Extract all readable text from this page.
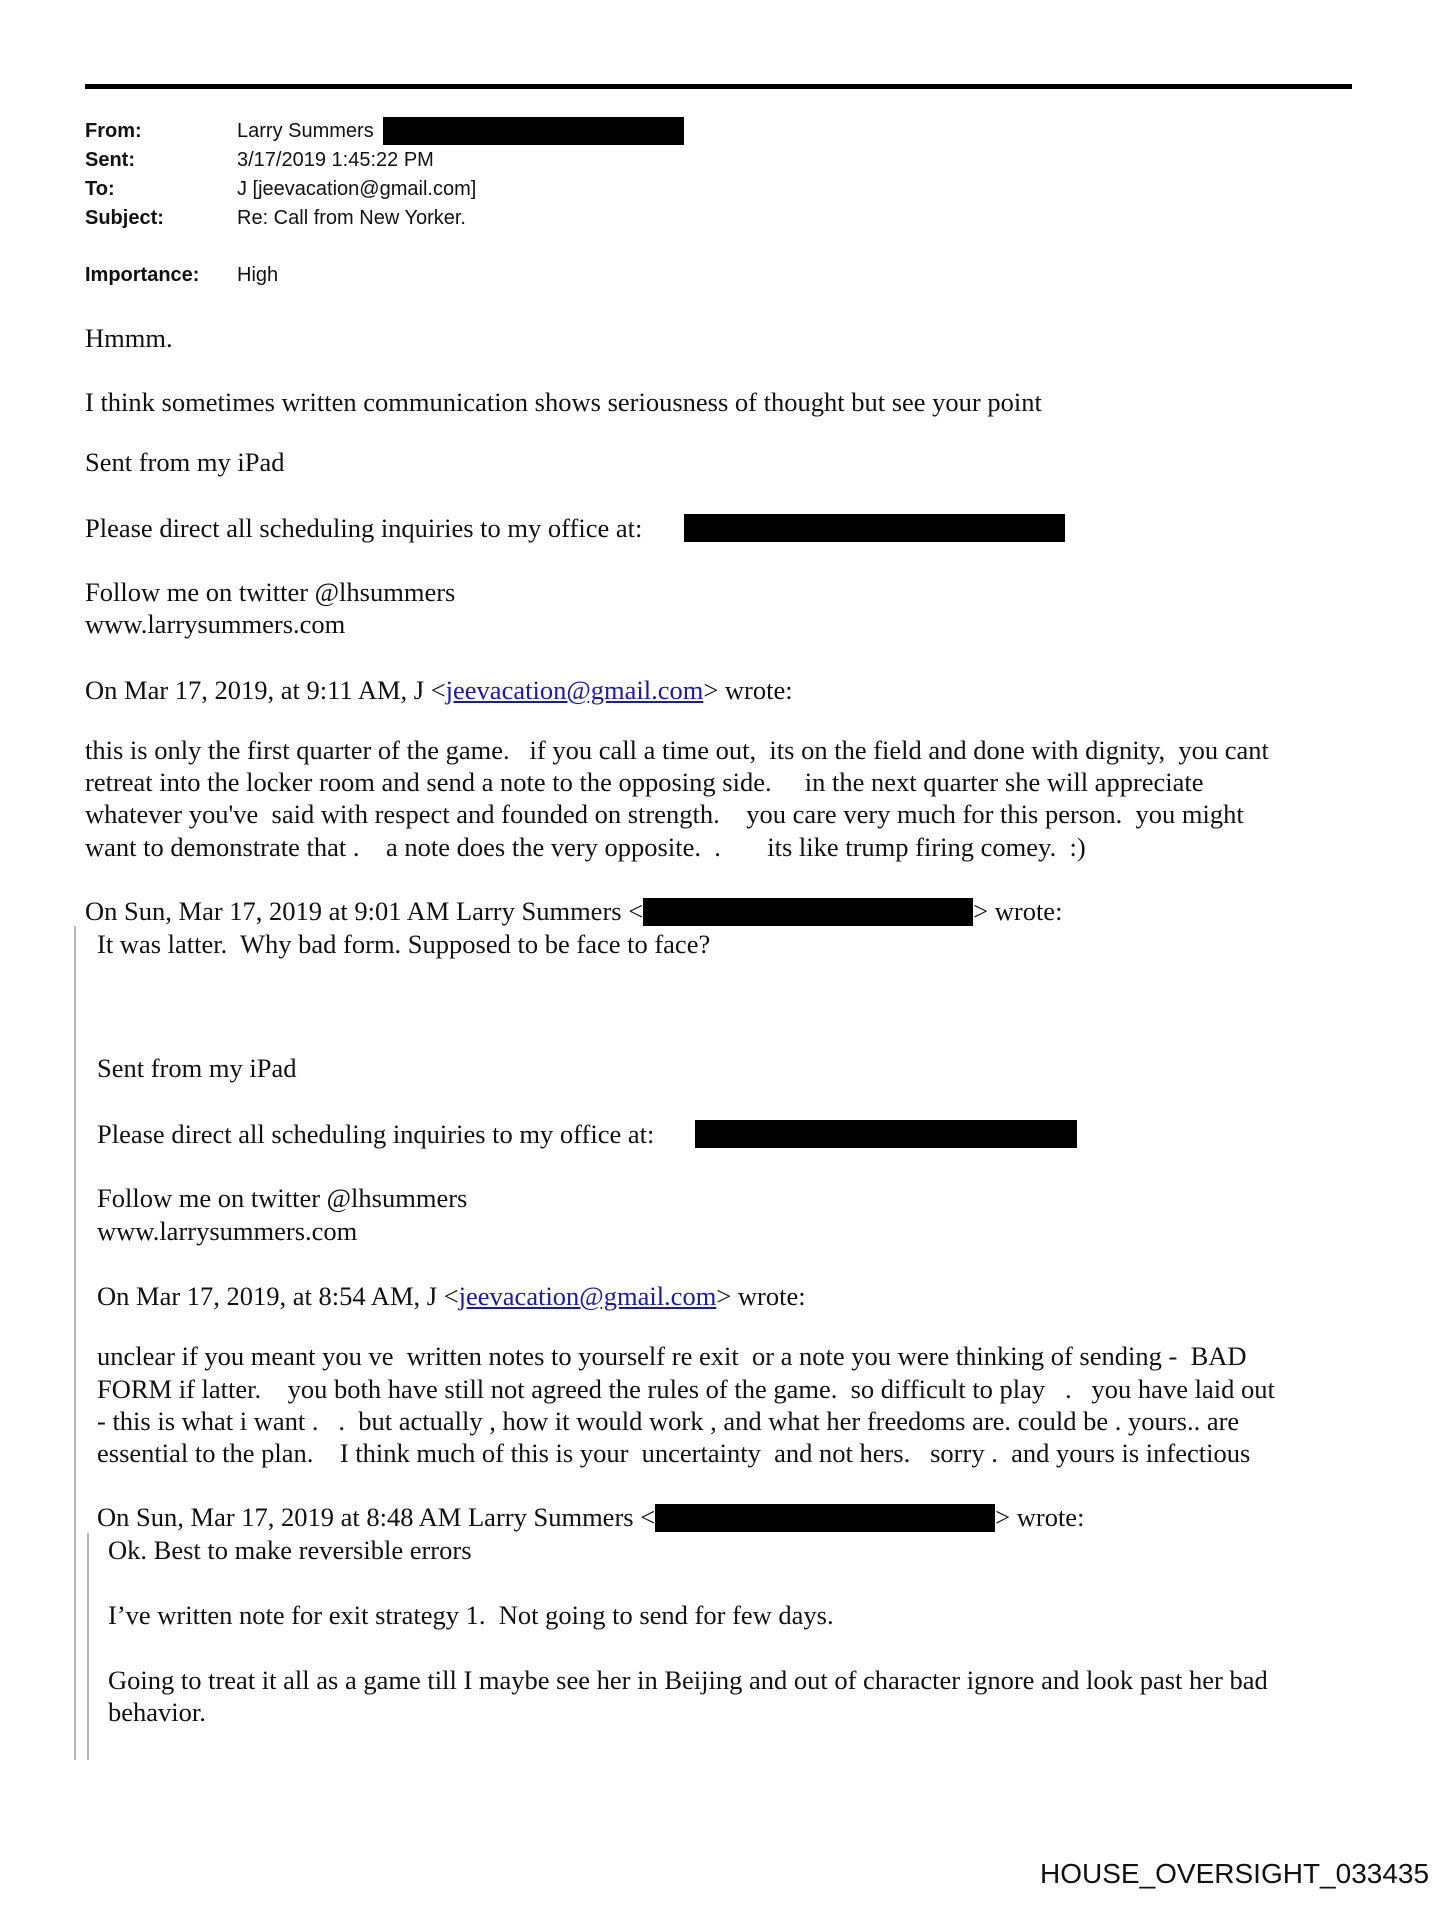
From:	Larry Summers
Sent:	3/17/2019 1:45:22 PM
To:	J [jeevacation@gmail.com]
Subject:	Re: Call from New Yorker.
Importance: High
Hmmm.
I think sometimes written communication shows seriousness of thought but see your point
Sent from my iPad
Please direct all scheduling inquiries to my office at:
Follow me on twitter @lhsummers
www.larrysummers.com
On Mar 17, 2019, at 9:11 AM, J <jeevacation@gmail.com> wrote:
this is only the first quarter of the game.   if you call a time out,  its on the field and done with dignity,  you cant
retreat into the locker room and send a note to the opposing side.     in the next quarter she will appreciate
whatever you've  said with respect and founded on strength.    you care very much for this person.  you might
want to demonstrate that .    a note does the very opposite.  .       its like trump firing comey.  :)
On Sun, Mar 17, 2019 at 9:01 AM Larry Summers <	> wrote:
It was latter.  Why bad form. Supposed to be face to face?
Sent from my iPad
Please direct all scheduling inquiries to my office at:
Follow me on twitter @lhsummers
www.larrysummers.com
On Mar 17, 2019, at 8:54 AM, J <jeevacation@gmail.com> wrote:
unclear if you meant you ve  written notes to yourself re exit  or a note you were thinking of sending -  BAD
FORM if latter.    you both have still not agreed the rules of the game.  so difficult to play   .   you have laid out
- this is what i want .   .  but actually , how it would work , and what her freedoms are. could be . yours.. are
essential to the plan.    I think much of this is your  uncertainty  and not hers.   sorry .  and yours is infectious
On Sun, Mar 17, 2019 at 8:48 AM Larry Summers <	> wrote:
Ok. Best to make reversible errors
I’ve written note for exit strategy 1.  Not going to send for few days.
Going to treat it all as a game till I maybe see her in Beijing and out of character ignore and look past her bad
behavior.
HOUSE_OVERSIGHT_033435
